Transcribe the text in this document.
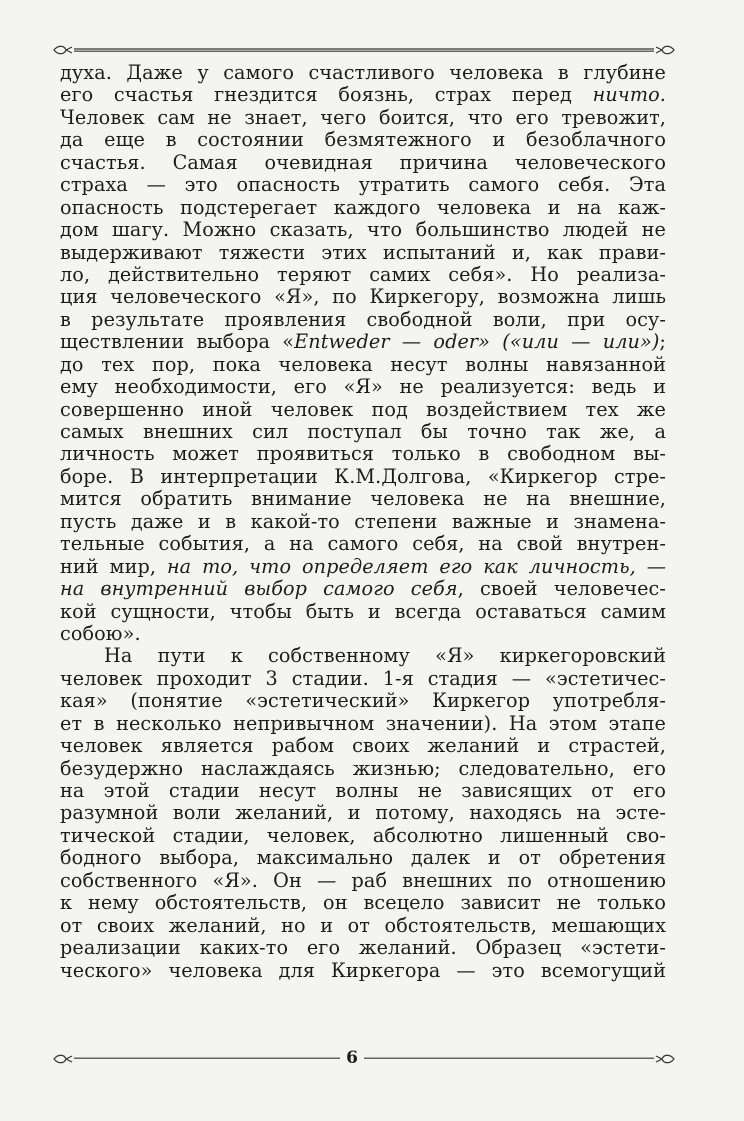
духа. Даже у самого счастливого человека в глубине
его счастья гнездится боязнь, страх перед ничто.
Человек сам не знает, чего боится, что его тревожит,
да еще в состоянии безмятежного и безоблачного
счастья. Самая очевидная причина человеческого
страха — это опасность утратить самого себя. Эта
опасность подстерегает каждого человека и на каж-
дом шагу. Можно сказать, что большинство людей не
выдерживают тяжести этих испытаний и, как прави-
ло, действительно теряют самих себя». Но реализа-
ция человеческого «Я», по Киркегору, возможна лишь
в результате проявления свободной воли, при осу-
ществлении выбора «Entweder — oder» («или — или»);
до тех пор, пока человека несут волны навязанной
ему необходимости, его «Я» не реализуется: ведь и
совершенно иной человек под воздействием тех же
самых внешних сил поступал бы точно так же, а
личность может проявиться только в свободном вы-
боре. В интерпретации К.М.Долгова, «Киркегор стре-
мится обратить внимание человека не на внешние,
пусть даже и в какой-то степени важные и знамена-
тельные события, а на самого себя, на свой внутрен-
ний мир, на то, что определяет его как личность, —
на внутренний выбор самого себя, своей человечес-
кой сущности, чтобы быть и всегда оставаться самим
собою».
На пути к собственному «Я» киркегоровский
человек проходит 3 стадии. 1-я стадия — «эстетичес-
кая» (понятие «эстетический» Киркегор употребля-
ет в несколько непривычном значении). На этом этапе
человек является рабом своих желаний и страстей,
безудержно наслаждаясь жизнью; следовательно, его
на этой стадии несут волны не зависящих от его
разумной воли желаний, и потому, находясь на эсте-
тической стадии, человек, абсолютно лишенный сво-
бодного выбора, максимально далек и от обретения
собственного «Я». Он — раб внешних по отношению
к нему обстоятельств, он всецело зависит не только
от своих желаний, но и от обстоятельств, мешающих
реализации каких-то его желаний. Образец «эстети-
ческого» человека для Киркегора — это всемогущий
6
